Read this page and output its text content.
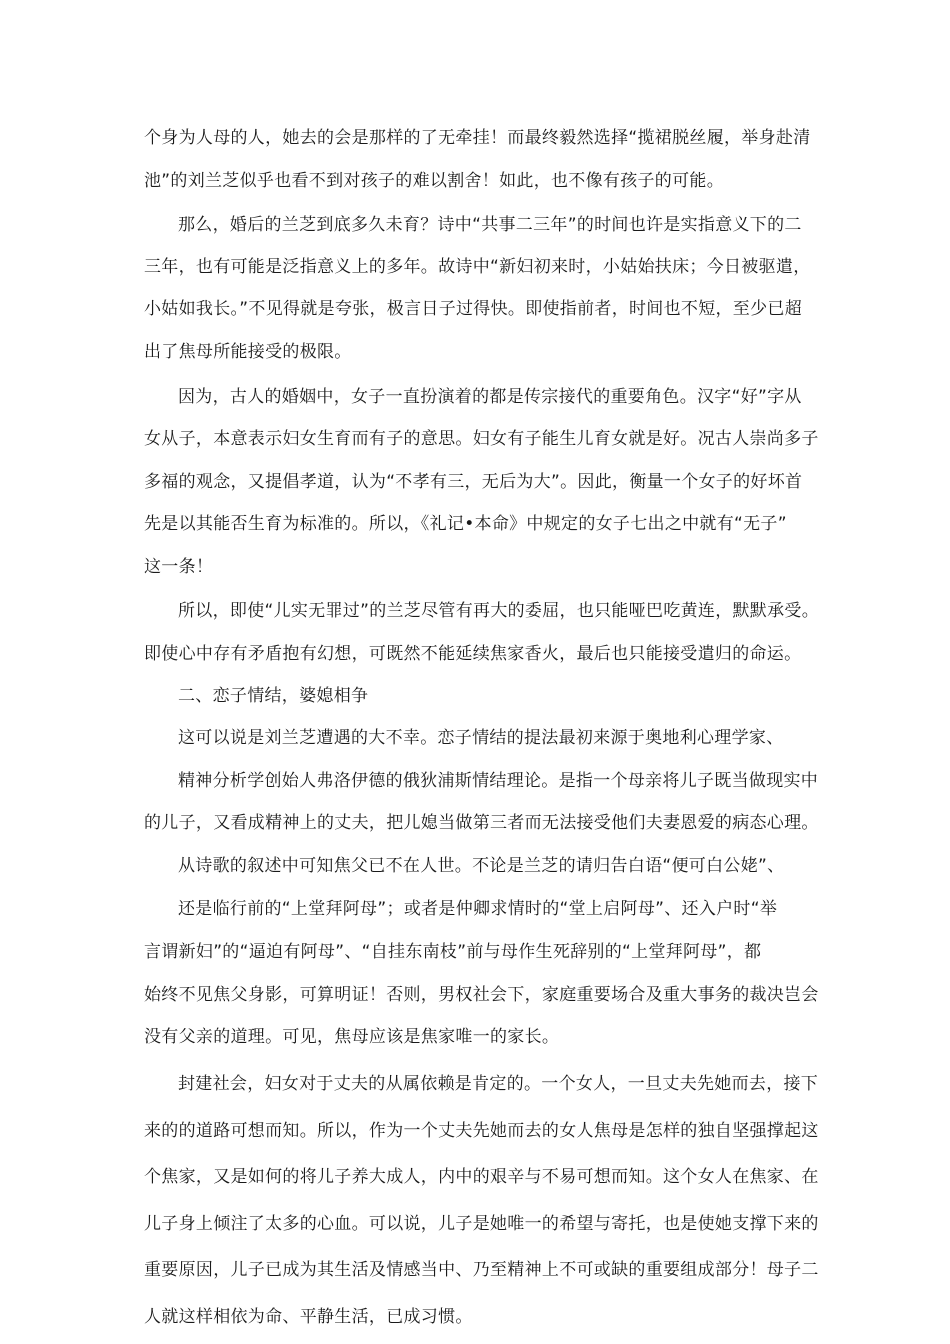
个身为人母的人，她去的会是那样的了无牵挂！而最终毅然选择“揽裙脱丝履，举身赴清
池”的刘兰芝似乎也看不到对孩子的难以割舍！如此，也不像有孩子的可能。
那么，婚后的兰芝到底多久未育？诗中“共事二三年”的时间也许是实指意义下的二
三年，也有可能是泛指意义上的多年。故诗中“新妇初来时，小姑始扶床；今日被驱遣，
小姑如我长。”不见得就是夸张，极言日子过得快。即使指前者，时间也不短，至少已超
出了焦母所能接受的极限。
因为，古人的婚姻中，女子一直扮演着的都是传宗接代的重要角色。汉字“好”字从
女从子，本意表示妇女生育而有子的意思。妇女有子能生儿育女就是好。况古人崇尚多子
多福的观念，又提倡孝道，认为“不孝有三，无后为大”。因此，衡量一个女子的好坏首
先是以其能否生育为标准的。所以，《礼记•本命》中规定的女子七出之中就有“无子”
这一条！
所以，即使“儿实无罪过”的兰芝尽管有再大的委屈，也只能哑巴吃黄连，默默承受。
即使心中存有矛盾抱有幻想，可既然不能延续焦家香火，最后也只能接受遣归的命运。
二、恋子情结，婆媳相争
这可以说是刘兰芝遭遇的大不幸。恋子情结的提法最初来源于奥地利心理学家、
精神分析学创始人弗洛伊德的俄狄浦斯情结理论。是指一个母亲将儿子既当做现实中
的儿子，又看成精神上的丈夫，把儿媳当做第三者而无法接受他们夫妻恩爱的病态心理。
从诗歌的叙述中可知焦父已不在人世。不论是兰芝的请归告白语“便可白公姥”、
还是临行前的“上堂拜阿母”；或者是仲卿求情时的“堂上启阿母”、还入户时“举
言谓新妇”的“逼迫有阿母”、“自挂东南枝”前与母作生死辞别的“上堂拜阿母”，都
始终不见焦父身影，可算明证！否则，男权社会下，家庭重要场合及重大事务的裁决岂会
没有父亲的道理。可见，焦母应该是焦家唯一的家长。
封建社会，妇女对于丈夫的从属依赖是肯定的。一个女人，一旦丈夫先她而去，接下
来的的道路可想而知。所以，作为一个丈夫先她而去的女人焦母是怎样的独自坚强撑起这
个焦家，又是如何的将儿子养大成人，内中的艰辛与不易可想而知。这个女人在焦家、在
儿子身上倾注了太多的心血。可以说，儿子是她唯一的希望与寄托，也是使她支撑下来的
重要原因，儿子已成为其生活及情感当中、乃至精神上不可或缺的重要组成部分！母子二
人就这样相依为命、平静生活，已成习惯。
